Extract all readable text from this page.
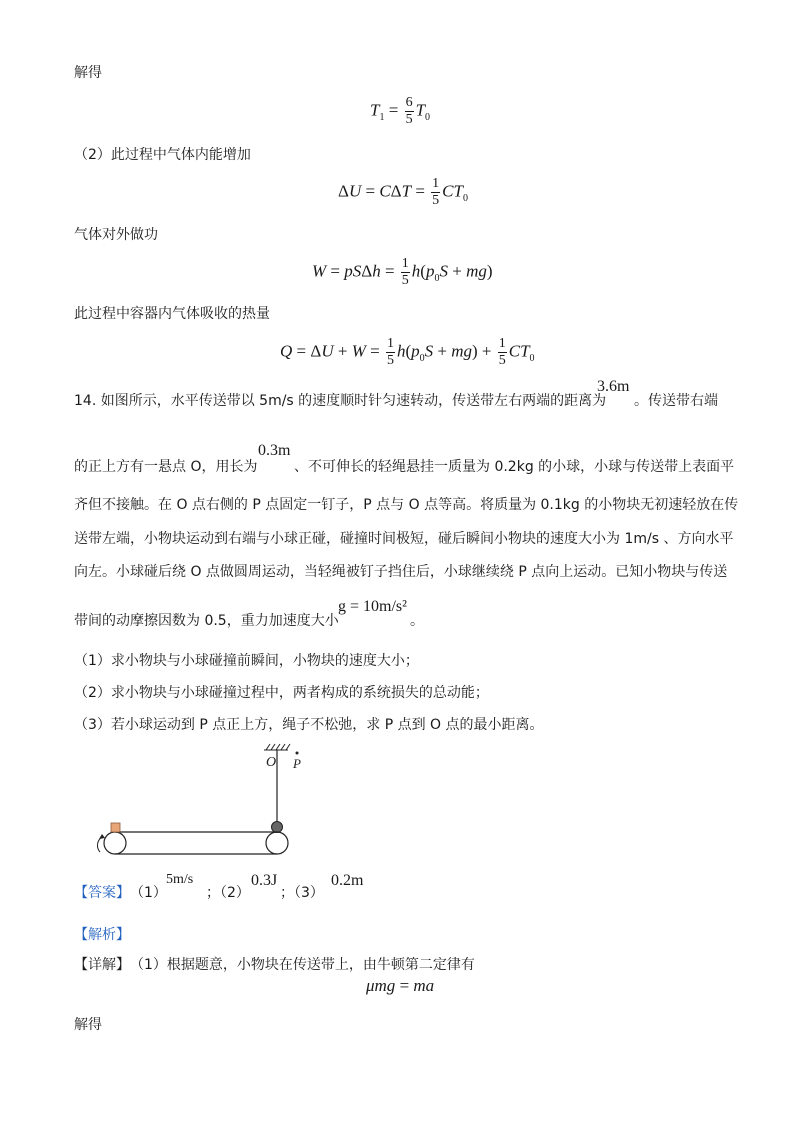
解得
$T_1 = \frac{6}{5} T_0$
（2）此过程中气体内能增加
$\Delta U = C\Delta T = \frac{1}{5} CT_0$
气体对外做功
$W = pS\Delta h = \frac{1}{5} h(p_0S + mg)$
此过程中容器内气体吸收的热量
$Q = \Delta U + W = \frac{1}{5} h(p_0S + mg) + \frac{1}{5} CT_0$
14. 如图所示，水平传送带以 5m/s 的速度顺时针匀速转动，传送带左右两端的距离为
3.6m
。传送带右端
的正上方有一悬点 O，用长为
0.3m
、不可伸长的轻绳悬挂一质量为 0.2kg 的小球，小球与传送带上表面平
齐但不接触。在 O 点右侧的 P 点固定一钉子，P 点与 O 点等高。将质量为 0.1kg 的小物块无初速轻放在传
送带左端，小物块运动到右端与小球正碰，碰撞时间极短，碰后瞬间小物块的速度大小为 1m/s 、方向水平
向左。小球碰后绕 O 点做圆周运动，当轻绳被钉子挡住后，小球继续绕 P 点向上运动。已知小物块与传送
带间的动摩擦因数为 0.5，重力加速度大小
g = 10m/s²
。
（1）求小物块与小球碰撞前瞬间，小物块的速度大小；
（2）求小物块与小球碰撞过程中，两者构成的系统损失的总动能；
（3）若小球运动到 P 点正上方，绳子不松弛，求 P 点到 O 点的最小距离。
O P
【答案】 （1）
5m/s
；（2）
0.3J
；（3）
0.2m
【解析】
【详解】 （1）根据题意，小物块在传送带上，由牛顿第二定律有
μmg = ma
解得
